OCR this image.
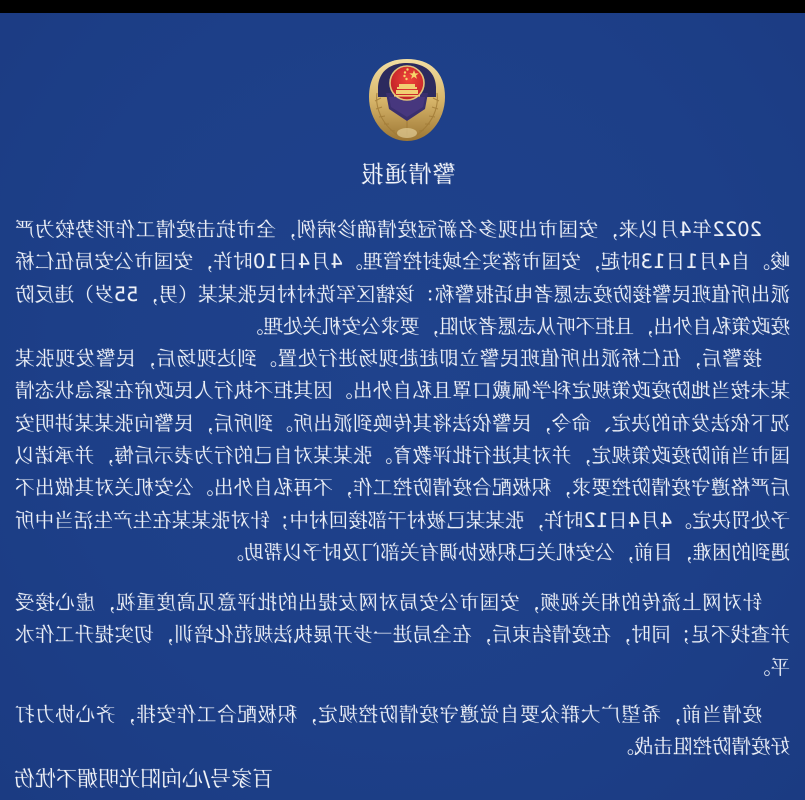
警情通报
2022年4月以来，安国市出现多名新冠疫情确诊病例，全市抗击疫情工作形势较为严
峻。自4月1日13时起，安国市落实全域封控管理。4月4日10时许，安国市公安局伍仁桥
派出所值班民警接防疫志愿者电话报警称：该辖区军诜村村民张某某（男，55岁）违反防
疫政策私自外出，且拒不听从志愿者劝阻，要求公安机关处理。
接警后，伍仁桥派出所值班民警立即赶赴现场进行处置。到达现场后，民警发现张某
某未按当地防疫政策规定科学佩戴口罩且私自外出。因其拒不执行人民政府在紧急状态情
况下依法发布的决定、命令，民警依法将其传唤到派出所。到所后，民警向张某某讲明安
国市当前防疫政策规定，并对其进行批评教育。张某某对自己的行为表示后悔，并承诺以
后严格遵守疫情防控要求，积极配合疫情防控工作，不再私自外出。公安机关对其做出不
予处罚决定。4月4日12时许，张某某已被村干部接回村中；针对张某某在生产生活当中所
遇到的困难，目前，公安机关已积极协调有关部门及时予以帮助。
针对网上流传的相关视频，安国市公安局对网友提出的批评意见高度重视，虚心接受
并查找不足；同时，在疫情结束后，在全局进一步开展执法规范化培训，切实提升工作水
平。
疫情当前，希望广大群众要自觉遵守疫情防控规定，积极配合工作安排，齐心协力打
好疫情防控阻击战。
百家号/心向阳光明媚不忧伤
